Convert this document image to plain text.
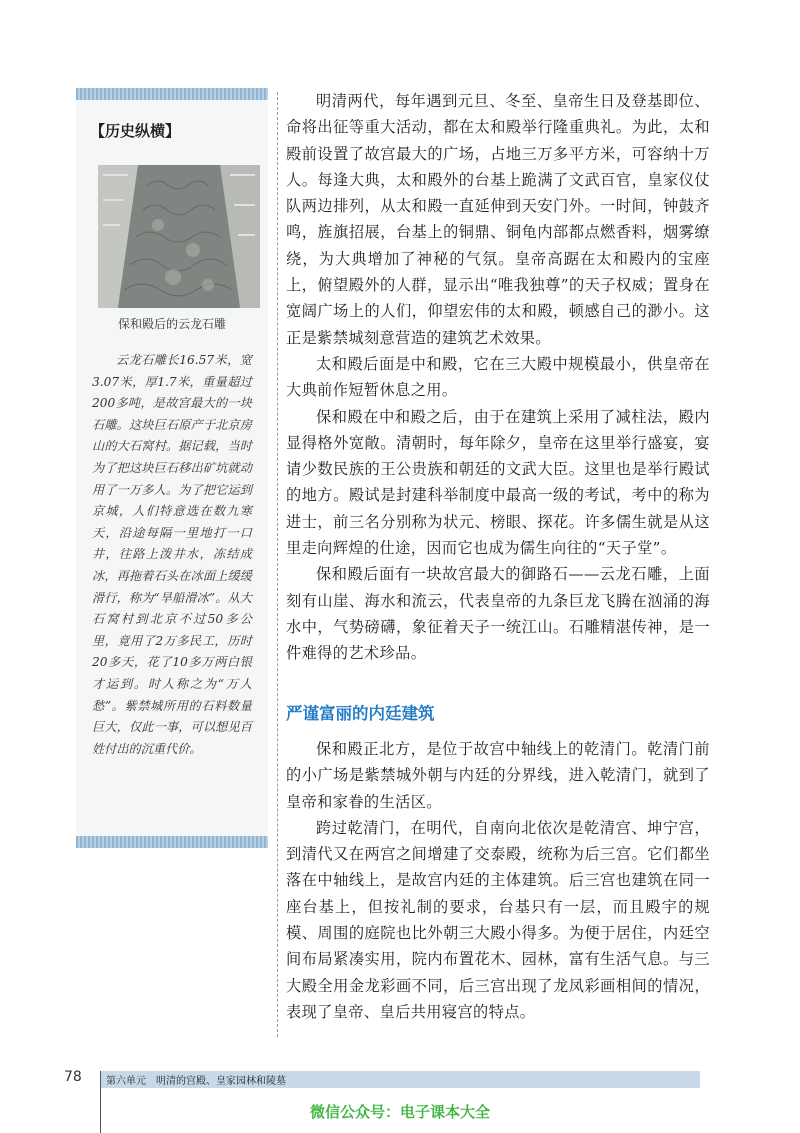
【历史纵横】
保和殿后的云龙石雕
云龙石雕长16.57米，宽3.07米，厚1.7米，重量超过200多吨，是故宫最大的一块石雕。这块巨石原产于北京房山的大石窝村。据记载，当时为了把这块巨石移出矿坑就动用了一万多人。为了把它运到京城，人们特意选在数九寒天，沿途每隔一里地打一口井，往路上泼井水，冻结成冰，再拖着石头在冰面上缓缓滑行，称为“旱船滑冰”。从大石窝村到北京不过50多公里，竟用了2万多民工，历时20多天，花了10多万两白银才运到。时人称之为“万人愁”。紫禁城所用的石料数量巨大，仅此一事，可以想见百姓付出的沉重代价。

明清两代，每年遇到元旦、冬至、皇帝生日及登基即位、命将出征等重大活动，都在太和殿举行隆重典礼。为此，太和殿前设置了故宫最大的广场，占地三万多平方米，可容纳十万人。每逢大典，太和殿外的台基上跪满了文武百官，皇家仪仗队两边排列，从太和殿一直延伸到天安门外。一时间，钟鼓齐鸣，旌旗招展，台基上的铜鼎、铜龟内部都点燃香料，烟雾缭绕，为大典增加了神秘的气氛。皇帝高踞在太和殿内的宝座上，俯望殿外的人群，显示出“唯我独尊”的天子权威；置身在宽阔广场上的人们，仰望宏伟的太和殿，顿感自己的渺小。这正是紫禁城刻意营造的建筑艺术效果。

太和殿后面是中和殿，它在三大殿中规模最小，供皇帝在大典前作短暂休息之用。

保和殿在中和殿之后，由于在建筑上采用了减柱法，殿内显得格外宽敞。清朝时，每年除夕，皇帝在这里举行盛宴，宴请少数民族的王公贵族和朝廷的文武大臣。这里也是举行殿试的地方。殿试是封建科举制度中最高一级的考试，考中的称为进士，前三名分别称为状元、榜眼、探花。许多儒生就是从这里走向辉煌的仕途，因而它也成为儒生向往的“天子堂”。

保和殿后面有一块故宫最大的御路石——云龙石雕，上面刻有山崖、海水和流云，代表皇帝的九条巨龙飞腾在汹涌的海水中，气势磅礴，象征着天子一统江山。石雕精湛传神，是一件难得的艺术珍品。

严谨富丽的内廷建筑

保和殿正北方，是位于故宫中轴线上的乾清门。乾清门前的小广场是紫禁城外朝与内廷的分界线，进入乾清门，就到了皇帝和家眷的生活区。

跨过乾清门，在明代，自南向北依次是乾清宫、坤宁宫，到清代又在两宫之间增建了交泰殿，统称为后三宫。它们都坐落在中轴线上，是故宫内廷的主体建筑。后三宫也建筑在同一座台基上，但按礼制的要求，台基只有一层，而且殿宇的规模、周围的庭院也比外朝三大殿小得多。为便于居住，内廷空间布局紧凑实用，院内布置花木、园林，富有生活气息。与三大殿全用金龙彩画不同，后三宫出现了龙凤彩画相间的情况，表现了皇帝、皇后共用寝宫的特点。

78 第六单元　明清的宫殿、皇家园林和陵墓
微信公众号：电子课本大全
